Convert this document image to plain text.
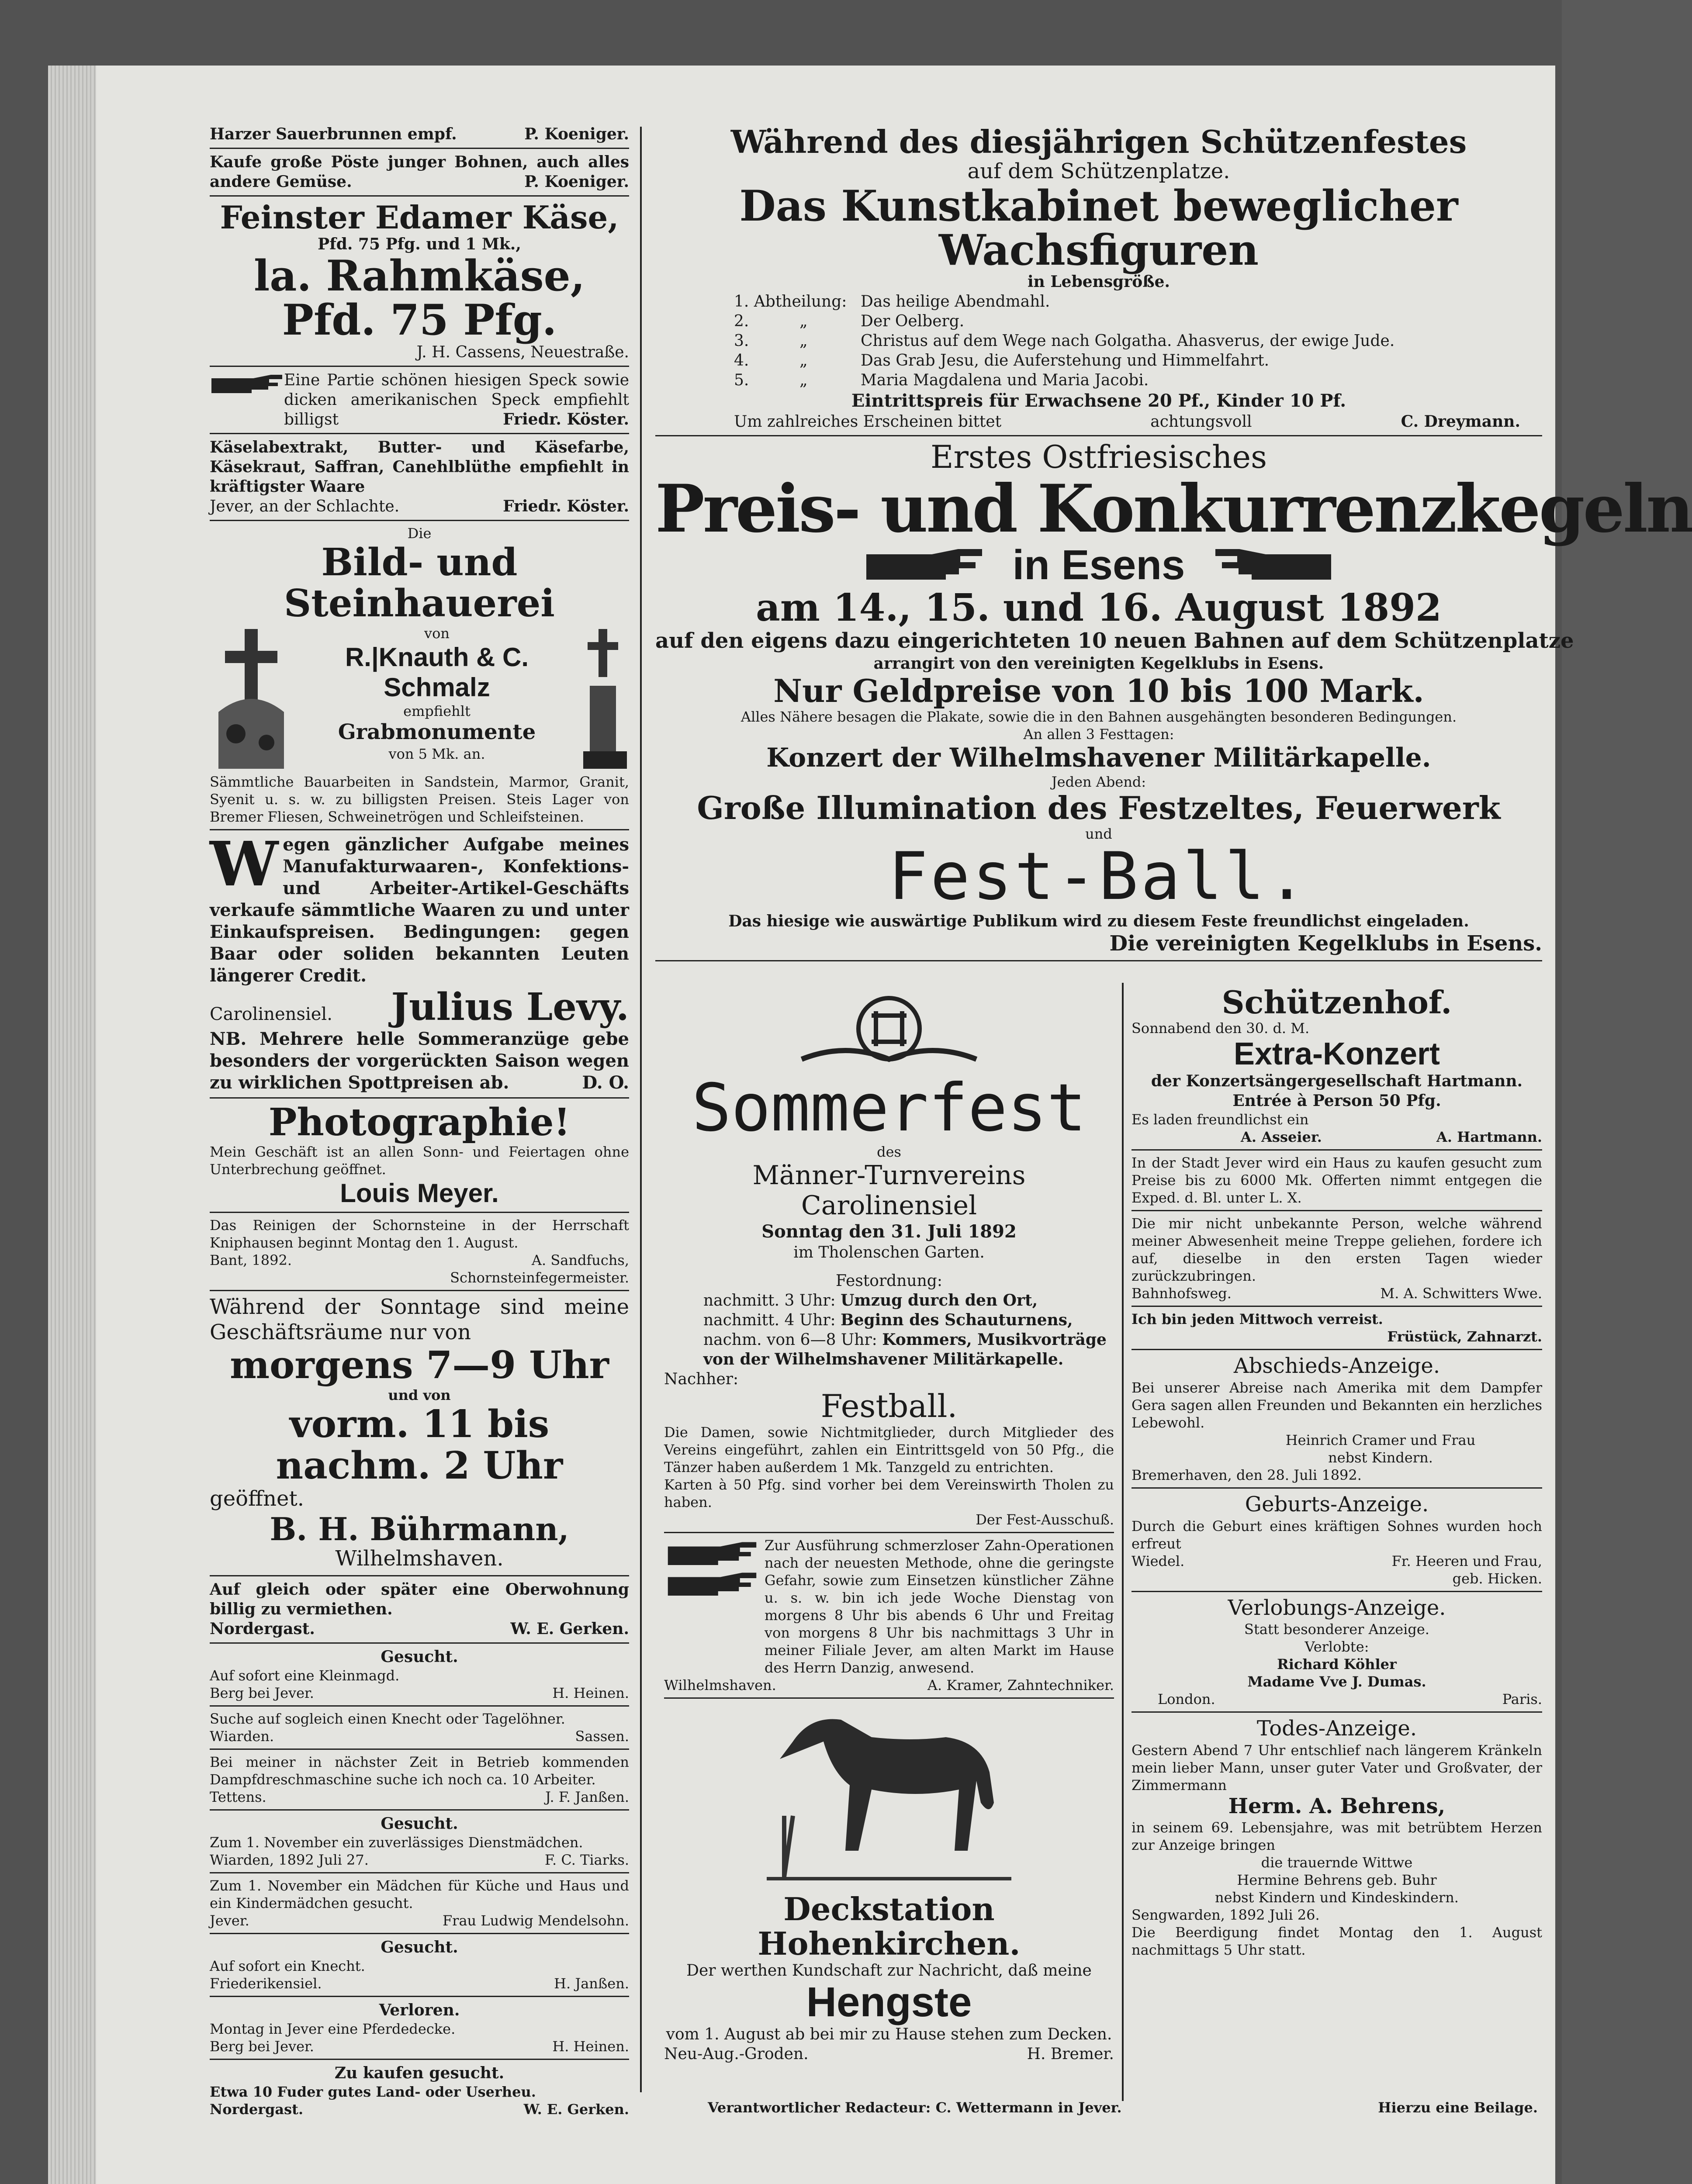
Harzer Sauerbrunnen empf.	P. Koeniger.
Kaufe große Pöste junger Bohnen, auch alles andere Gemüse.	P. Koeniger.
Feinster Edamer Käse,
Pfd. 75 Pfg. und 1 Mk.,
la. Rahmkäse, Pfd. 75 Pfg.
J. H. Cassens, Neuestraße.
Eine Partie schönen hiesigen Speck sowie dicken amerikanischen Speck empfiehlt billigst	Friedr. Köster.
Käselabextrakt, Butter- und Käsefarbe, Käsekraut, Saffran, Canehlblüthe empfiehlt in kräftigster Waare
Jever, an der Schlachte.	Friedr. Köster.
Die
Bild- und Steinhauerei
von
R.|Knauth & C. Schmalz
empfiehlt
Grabmonumente
von 5 Mk. an.
Sämmtliche Bauarbeiten in Sandstein, Marmor, Granit, Syenit u. s. w. zu billigsten Preisen. Steis Lager von Bremer Fliesen, Schweinetrögen und Schleifsteinen.
Wegen gänzlicher Aufgabe meines Manufakturwaaren-, Konfektions- und Arbeiter-Artikel-Geschäfts verkaufe sämmtliche Waaren zu und unter Einkaufspreisen. Bedingungen: gegen Baar oder soliden bekannten Leuten längerer Credit.
Carolinensiel. Julius Levy.
NB. Mehrere helle Sommeranzüge gebe besonders der vorgerückten Saison wegen zu wirklichen Spottpreisen ab.	D. O.
Photographie!
Mein Geschäft ist an allen Sonn- und Feiertagen ohne Unterbrechung geöffnet.
Louis Meyer.
Das Reinigen der Schornsteine in der Herrschaft Kniphausen beginnt Montag den 1. August.
Bant, 1892.	A. Sandfuchs,
Schornsteinfegermeister.
Während der Sonntage sind meine Geschäftsräume nur von
morgens 7—9 Uhr
und von
vorm. 11 bis nachm. 2 Uhr
geöffnet.
B. H. Bührmann,
Wilhelmshaven.
Auf gleich oder später eine Oberwohnung billig zu vermiethen.
Nordergast.	W. E. Gerken.
Gesucht.
Auf sofort eine Kleinmagd.
Berg bei Jever.	H. Heinen.
Suche auf sogleich einen Knecht oder Tagelöhner.
Wiarden.	Sassen.
Bei meiner in nächster Zeit in Betrieb kommenden Dampfdreschmaschine suche ich noch ca. 10 Arbeiter.
Tettens.	J. F. Janßen.
Gesucht.
Zum 1. November ein zuverlässiges Dienstmädchen.
Wiarden, 1892 Juli 27.	F. C. Tiarks.
Zum 1. November ein Mädchen für Küche und Haus und ein Kindermädchen gesucht.
Jever.	Frau Ludwig Mendelsohn.
Gesucht.
Auf sofort ein Knecht.
Friederikensiel.	H. Janßen.
Verloren.
Montag in Jever eine Pferdedecke.
Berg bei Jever.	H. Heinen.
Zu kaufen gesucht.
Etwa 10 Fuder gutes Land- oder Userheu.
Nordergast.	W. E. Gerken.
Während des diesjährigen Schützenfestes
auf dem Schützenplatze.
Das Kunstkabinet beweglicher Wachsfiguren
in Lebensgröße.
1. Abtheilung: Das heilige Abendmahl.
2.	„	Der Oelberg.
3.	„	Christus auf dem Wege nach Golgatha. Ahasverus, der ewige Jude.
4.	„	Das Grab Jesu, die Auferstehung und Himmelfahrt.
5.	„	Maria Magdalena und Maria Jacobi.
Eintrittspreis für Erwachsene 20 Pf., Kinder 10 Pf.
Um zahlreiches Erscheinen bittet	achtungsvoll	C. Dreymann.
Erstes Ostfriesisches
Preis- und Konkurrenzkegeln
in Esens
am 14., 15. und 16. August 1892
auf den eigens dazu eingerichteten 10 neuen Bahnen auf dem Schützenplatze
arrangirt von den vereinigten Kegelklubs in Esens.
Nur Geldpreise von 10 bis 100 Mark.
Alles Nähere besagen die Plakate, sowie die in den Bahnen ausgehängten besonderen Bedingungen.
An allen 3 Festtagen:
Konzert der Wilhelmshavener Militärkapelle.
Jeden Abend:
Große Illumination des Festzeltes, Feuerwerk
und
Fest-Ball.
Das hiesige wie auswärtige Publikum wird zu diesem Feste freundlichst eingeladen.
Die vereinigten Kegelklubs in Esens.
Sommerfest
des
Männer-Turnvereins Carolinensiel
Sonntag den 31. Juli 1892
im Tholenschen Garten.
Festordnung:
nachmitt. 3 Uhr: Umzug durch den Ort,
nachmitt. 4 Uhr: Beginn des Schauturnens,
nachm. von 6—8 Uhr: Kommers, Musikvorträge von der Wilhelmshavener Militärkapelle.
Nachher:
Festball.
Die Damen, sowie Nichtmitglieder, durch Mitglieder des Vereins eingeführt, zahlen ein Eintrittsgeld von 50 Pfg., die Tänzer haben außerdem 1 Mk. Tanzgeld zu entrichten.
Karten à 50 Pfg. sind vorher bei dem Vereinswirth Tholen zu haben.
Der Fest-Ausschuß.

Zur Ausführung schmerzloser Zahn-Operationen nach der neuesten Methode, ohne die geringste Gefahr, sowie zum Einsetzen künstlicher Zähne u. s. w. bin ich jede Woche Dienstag von morgens 8 Uhr bis abends 6 Uhr und Freitag von morgens 8 Uhr bis nachmittags 3 Uhr in meiner Filiale Jever, am alten Markt im Hause des Herrn Danzig, anwesend.
Wilhelmshaven.	A. Kramer, Zahntechniker.
Deckstation Hohenkirchen.
Der werthen Kundschaft zur Nachricht, daß meine
Hengste
vom 1. August ab bei mir zu Hause stehen zum Decken.
Neu-Aug.-Groden.	H. Bremer.
Schützenhof.
Sonnabend den 30. d. M.
Extra-Konzert
der Konzertsängergesellschaft Hartmann.
Entrée à Person 50 Pfg.
Es laden freundlichst ein
A. Asseier.	A. Hartmann.
In der Stadt Jever wird ein Haus zu kaufen gesucht zum Preise bis zu 6000 Mk. Offerten nimmt entgegen die Exped. d. Bl. unter L. X.
Die mir nicht unbekannte Person, welche während meiner Abwesenheit meine Treppe geliehen, fordere ich auf, dieselbe in den ersten Tagen wieder zurückzubringen.
Bahnhofsweg.	M. A. Schwitters Wwe.
Ich bin jeden Mittwoch verreist.
Früstück, Zahnarzt.
Abschieds-Anzeige.
Bei unserer Abreise nach Amerika mit dem Dampfer Gera sagen allen Freunden und Bekannten ein herzliches Lebewohl.
Heinrich Cramer und Frau
nebst Kindern.
Bremerhaven, den 28. Juli 1892.
Geburts-Anzeige.
Durch die Geburt eines kräftigen Sohnes wurden hoch erfreut
Wiedel.	Fr. Heeren und Frau,
geb. Hicken.
Verlobungs-Anzeige.
Statt besonderer Anzeige.
Verlobte:
Richard Köhler
Madame Vve J. Dumas.
London.	Paris.
Todes-Anzeige.
Gestern Abend 7 Uhr entschlief nach längerem Kränkeln mein lieber Mann, unser guter Vater und Großvater, der Zimmermann
Herm. A. Behrens,
in seinem 69. Lebensjahre, was mit betrübtem Herzen zur Anzeige bringen
die trauernde Wittwe
Hermine Behrens geb. Buhr
nebst Kindern und Kindeskindern.
Sengwarden, 1892 Juli 26.
Die Beerdigung findet Montag den 1. August nachmittags 5 Uhr statt.
Verantwortlicher Redacteur: C. Wettermann in Jever.	Hierzu eine Beilage.
